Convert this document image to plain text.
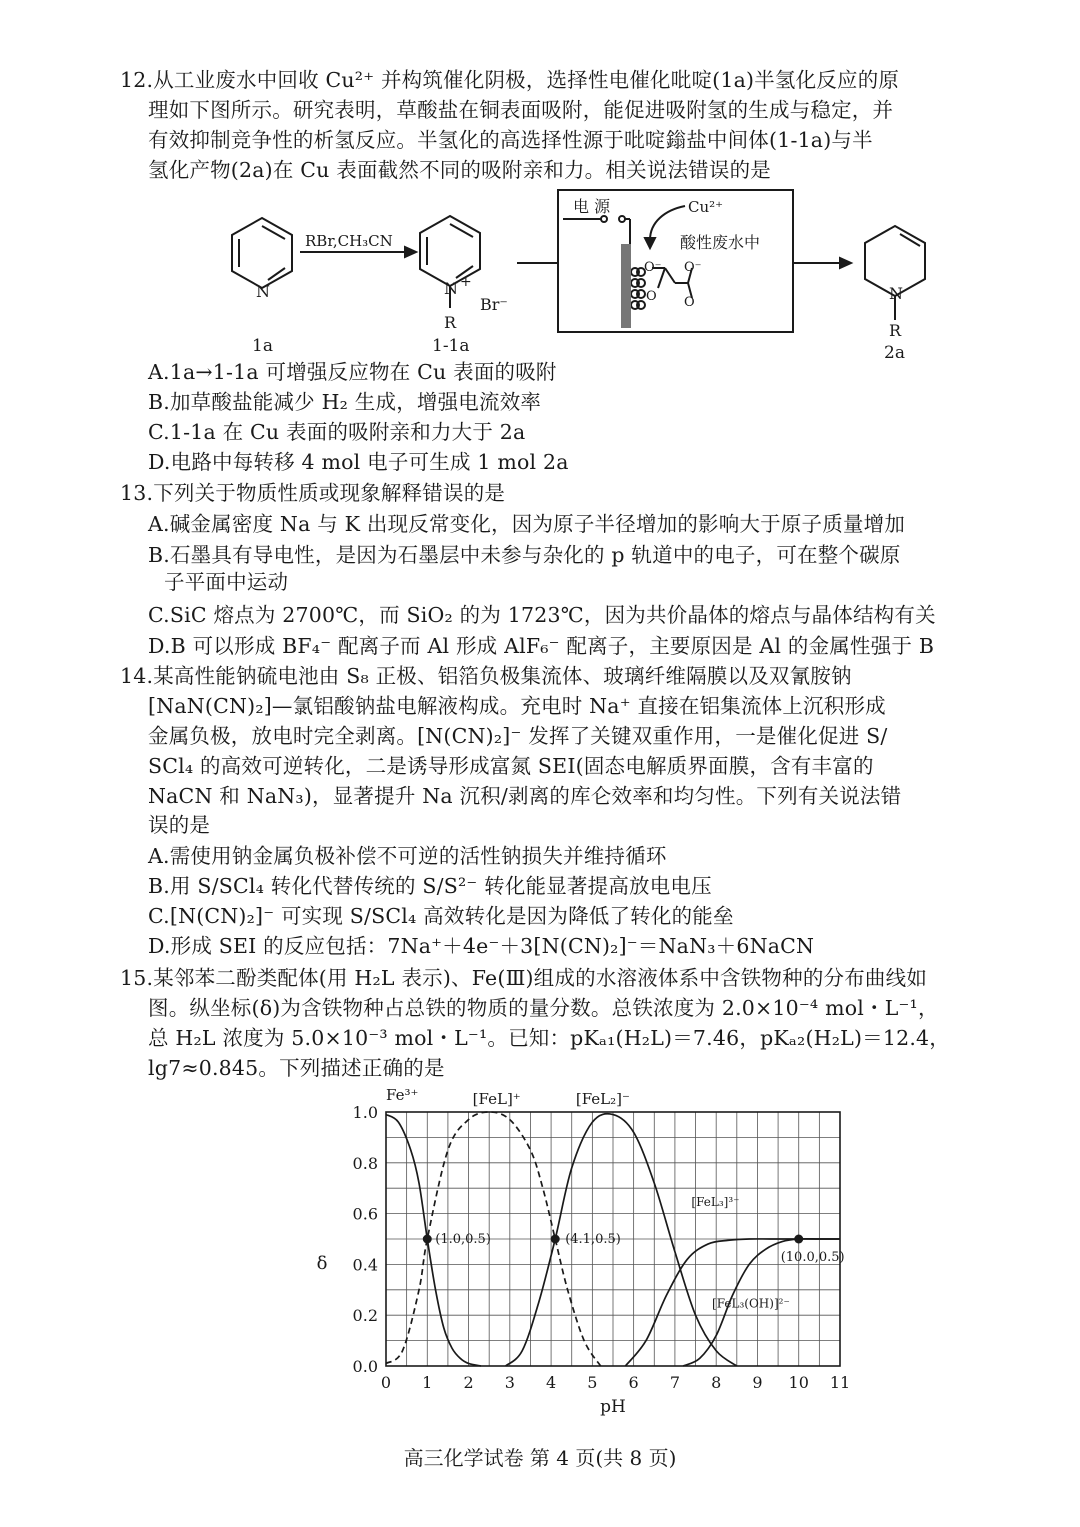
12.从工业废水中回收 Cu²⁺ 并构筑催化阴极，选择性电催化吡啶(1a)半氢化反应的原
理如下图所示。研究表明，草酸盐在铜表面吸附，能促进吸附氢的生成与稳定，并
有效抑制竞争性的析氢反应。半氢化的高选择性源于吡啶鎓盐中间体(1-1a)与半
氢化产物(2a)在 Cu 表面截然不同的吸附亲和力。相关说法错误的是
N
RBr,CH₃CN
N +
R
Br⁻
1a	1-1a
电 源	Cu²⁺
酸性废水中
O⁻ O⁻
O O	N
R
2a
A.1a→1-1a 可增强反应物在 Cu 表面的吸附
B.加草酸盐能减少 H₂ 生成，增强电流效率
C.1-1a 在 Cu 表面的吸附亲和力大于 2a
D.电路中每转移 4 mol 电子可生成 1 mol 2a
13.下列关于物质性质或现象解释错误的是
A.碱金属密度 Na 与 K 出现反常变化，因为原子半径增加的影响大于原子质量增加
B.石墨具有导电性，是因为石墨层中未参与杂化的 p 轨道中的电子，可在整个碳原
子平面中运动
C.SiC 熔点为 2700℃，而 SiO₂ 的为 1723℃，因为共价晶体的熔点与晶体结构有关
D.B 可以形成 BF₄⁻ 配离子而 Al 形成 AlF₆⁻ 配离子，主要原因是 Al 的金属性强于 B
14.某高性能钠硫电池由 S₈ 正极、铝箔负极集流体、玻璃纤维隔膜以及双氰胺钠
[NaN(CN)₂]—氯铝酸钠盐电解液构成。充电时 Na⁺ 直接在铝集流体上沉积形成
金属负极，放电时完全剥离。[N(CN)₂]⁻ 发挥了关键双重作用，一是催化促进 S/
SCl₄ 的高效可逆转化，二是诱导形成富氮 SEI(固态电解质界面膜，含有丰富的
NaCN 和 NaN₃)，显著提升 Na 沉积/剥离的库仑效率和均匀性。下列有关说法错
误的是
A.需使用钠金属负极补偿不可逆的活性钠损失并维持循环
B.用 S/SCl₄ 转化代替传统的 S/S²⁻ 转化能显著提高放电电压
C.[N(CN)₂]⁻ 可实现 S/SCl₄ 高效转化是因为降低了转化的能垒
D.形成 SEI 的反应包括：7Na⁺＋4e⁻＋3[N(CN)₂]⁻＝NaN₃＋6NaCN
15.某邻苯二酚类配体(用 H₂L 表示)、Fe(Ⅲ)组成的水溶液体系中含铁物种的分布曲线如
图。纵坐标(δ)为含铁物种占总铁的物质的量分数。总铁浓度为 2.0×10⁻⁴ mol・L⁻¹，
总 H₂L 浓度为 5.0×10⁻³ mol・L⁻¹。已知：pKₐ₁(H₂L)＝7.46，pKₐ₂(H₂L)＝12.4，
lg7≈0.845。下列描述正确的是
0 1 2 3 4 5 6 7 8 9 10 11
0.0
0.2
0.4
0.6
0.8
1.0
(1.0,0.5)	(4.1,0.5)
(10.0,0.5)
pH
δ
Fe³⁺	[FeL]⁺	[FeL₂]⁻
[FeL₃]³⁻
[FeL₃(OH)]²⁻
高三化学试卷 第 4 页(共 8 页)
